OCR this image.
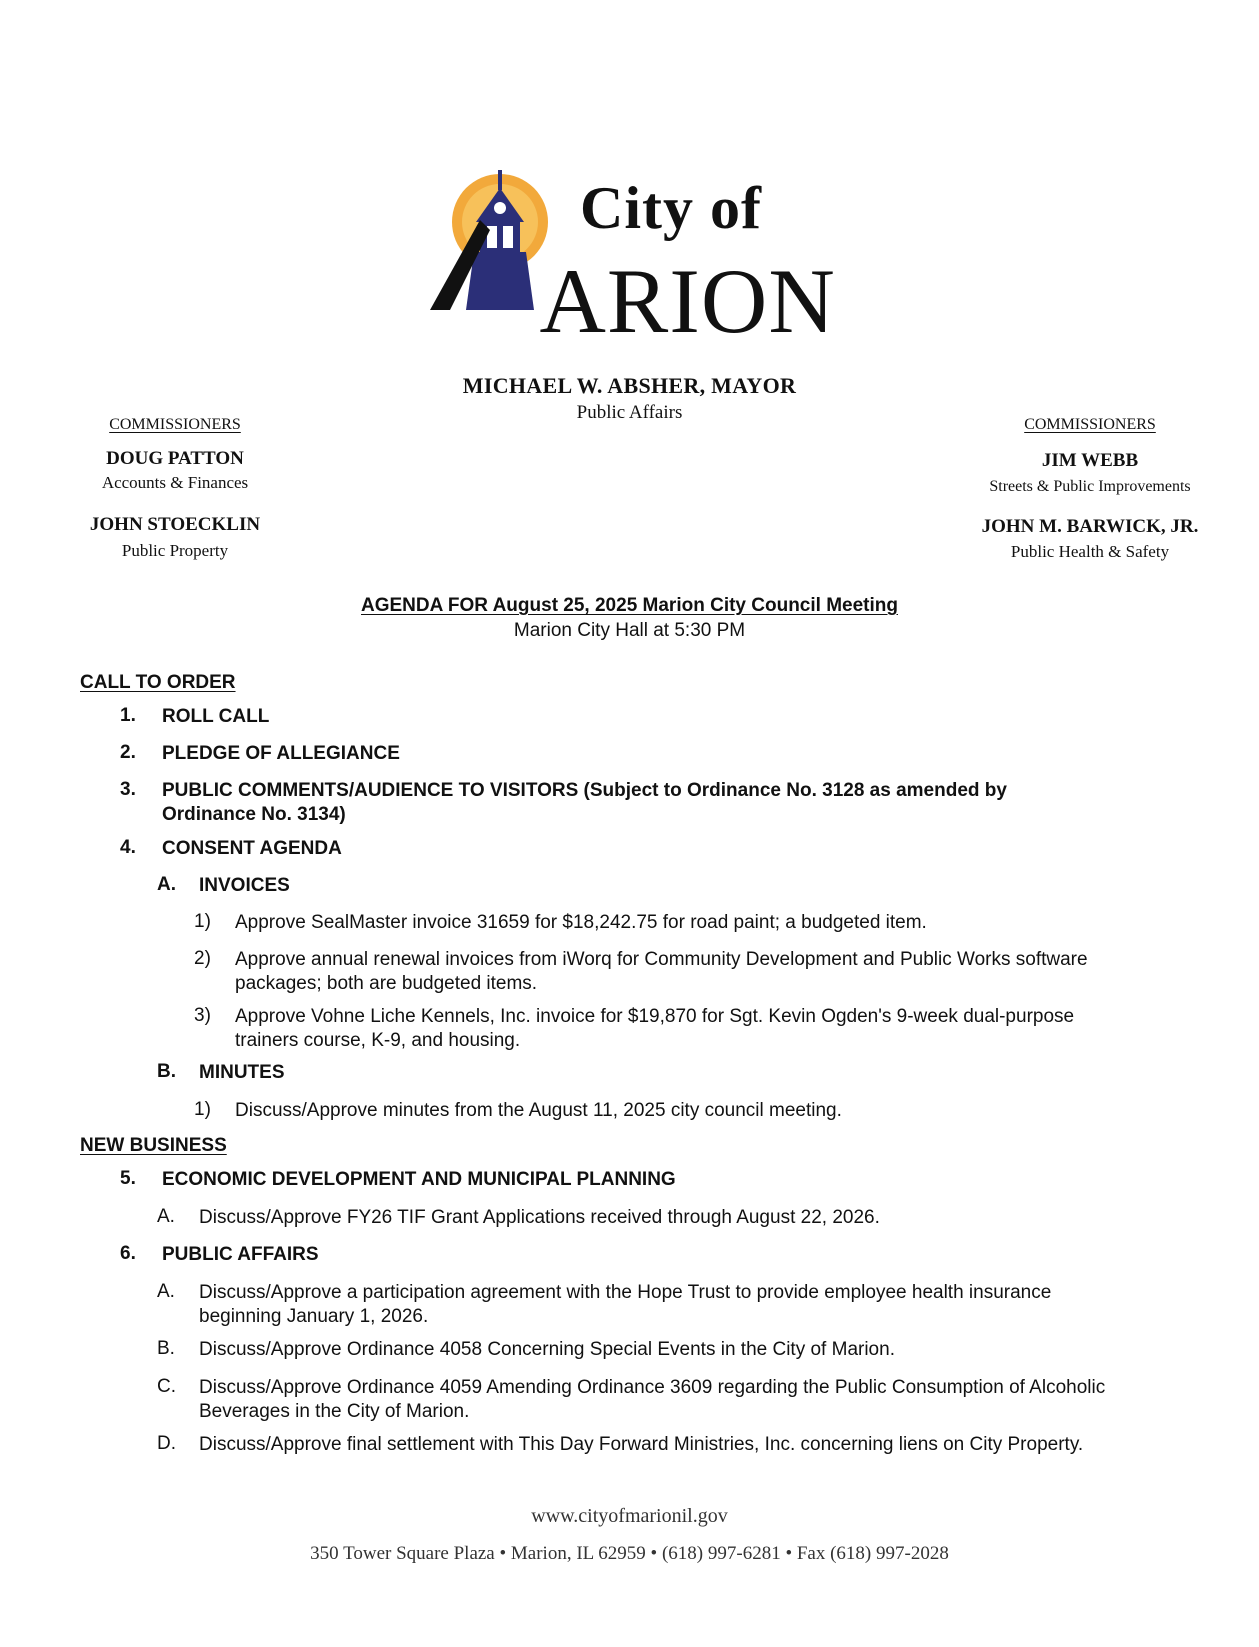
City of
ARION
MICHAEL W. ABSHER, MAYOR
Public Affairs
COMMISSIONERS
DOUG PATTON
Accounts & Finances
JOHN STOECKLIN
Public Property
COMMISSIONERS
JIM WEBB
Streets & Public Improvements
JOHN M. BARWICK, JR.
Public Health & Safety
AGENDA FOR August 25, 2025 Marion City Council Meeting
Marion City Hall at 5:30 PM
CALL TO ORDER
1. ROLL CALL
2. PLEDGE OF ALLEGIANCE
3. PUBLIC COMMENTS/AUDIENCE TO VISITORS (Subject to Ordinance No. 3128 as amended by
Ordinance No. 3134)
4. CONSENT AGENDA
A. INVOICES
1) Approve SealMaster invoice 31659 for $18,242.75 for road paint; a budgeted item.
2) Approve annual renewal invoices from iWorq for Community Development and Public Works software
packages; both are budgeted items.
3) Approve Vohne Liche Kennels, Inc. invoice for $19,870 for Sgt. Kevin Ogden's 9-week dual-purpose
trainers course, K-9, and housing.
B. MINUTES
1) Discuss/Approve minutes from the August 11, 2025 city council meeting.
NEW BUSINESS
5. ECONOMIC DEVELOPMENT AND MUNICIPAL PLANNING
A. Discuss/Approve FY26 TIF Grant Applications received through August 22, 2026.
6. PUBLIC AFFAIRS
A. Discuss/Approve a participation agreement with the Hope Trust to provide employee health insurance
beginning January 1, 2026.
B. Discuss/Approve Ordinance 4058 Concerning Special Events in the City of Marion.
C. Discuss/Approve Ordinance 4059 Amending Ordinance 3609 regarding the Public Consumption of Alcoholic
Beverages in the City of Marion.
D. Discuss/Approve final settlement with This Day Forward Ministries, Inc. concerning liens on City Property.
www.cityofmarionil.gov
350 Tower Square Plaza • Marion, IL 62959 • (618) 997-6281 • Fax (618) 997-2028
